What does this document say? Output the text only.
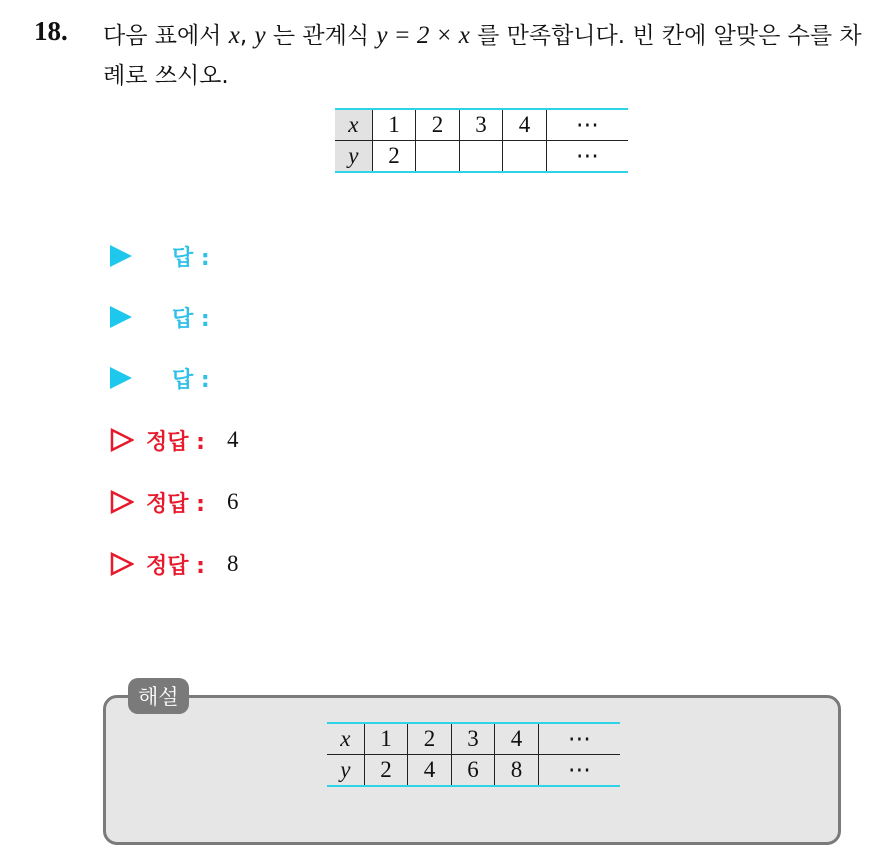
18. 다음 표에서 x, y 는 관계식 y = 2 × x 를 만족합니다. 빈 칸에 알맞은 수를 차례로 쓰시오.
x	1	2	3	4	⋯
y	2				⋯
답 :
답 :
답 :
정답 : 4
정답 : 6
정답 : 8
해설
x	1	2	3	4	⋯
y	2	4	6	8	⋯
